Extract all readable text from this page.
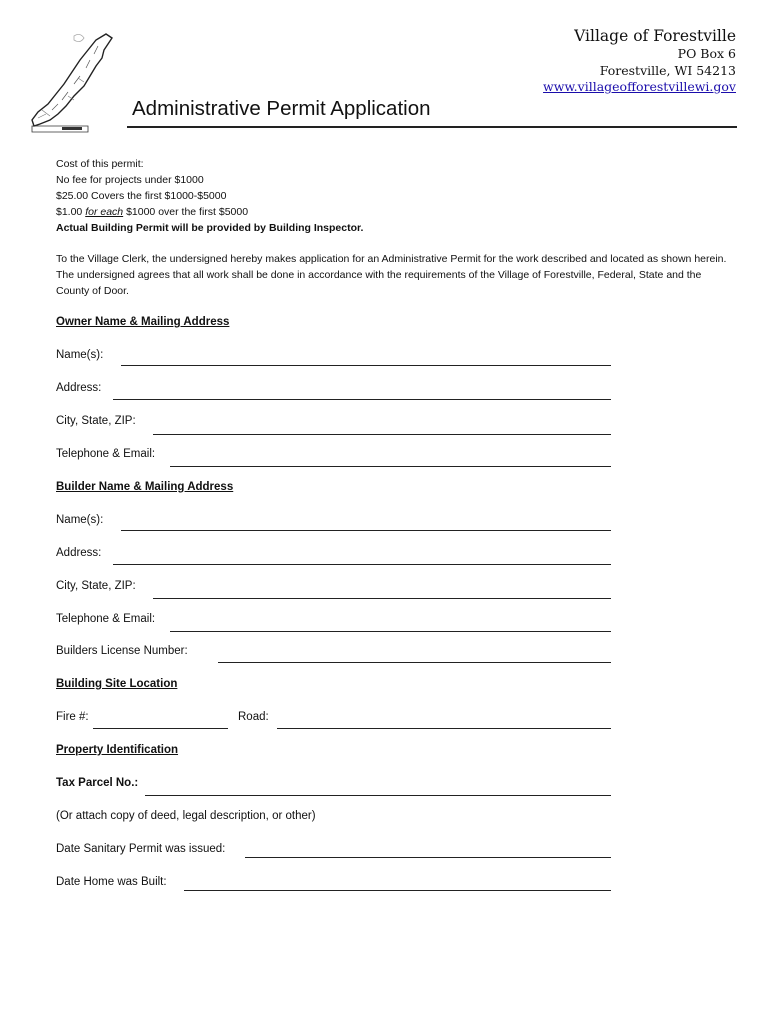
Village of Forestville
PO Box 6
Forestville, WI 54213
www.villageofforestvillewi.gov
Administrative Permit Application
Cost of this permit:
No fee for projects under $1000
$25.00 Covers the first $1000-$5000
$1.00 for each $1000 over the first $5000
Actual Building Permit will be provided by Building Inspector.
To the Village Clerk, the undersigned hereby makes application for an Administrative Permit for the work described and located as shown herein. The undersigned agrees that all work shall be done in accordance with the requirements of the Village of Forestville, Federal, State and the County of Door.
Owner Name & Mailing Address
Name(s):
Address:
City, State, ZIP:
Telephone & Email:
Builder Name & Mailing Address
Name(s):
Address:
City, State, ZIP:
Telephone & Email:
Builders License Number:
Building Site Location
Fire #:	Road:
Property Identification
Tax Parcel No.:
(Or attach copy of deed, legal description, or other)
Date Sanitary Permit was issued:
Date Home was Built:
